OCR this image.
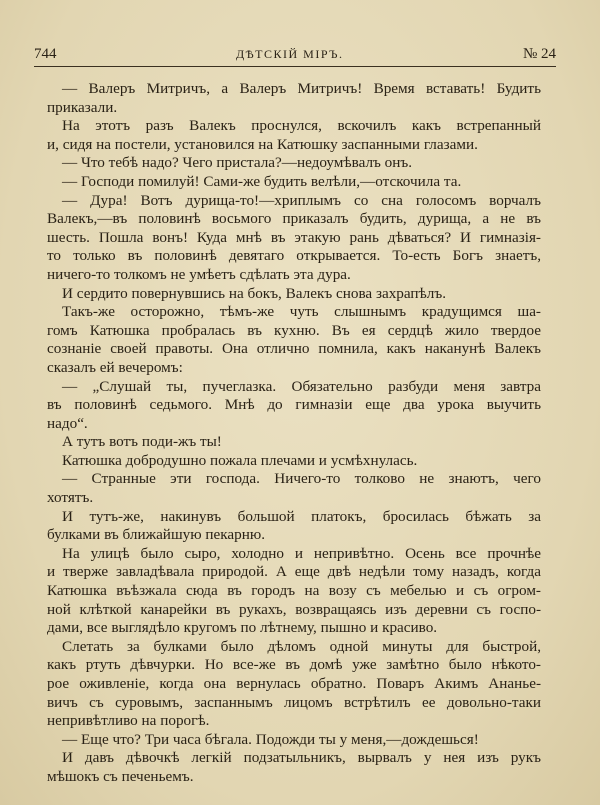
744	ДѢТСКІЙ МІРЪ.	№ 24

— Валеръ Митричъ, а Валеръ Митричъ! Время вставать! Будить

приказали.

На этотъ разъ Валекъ проснулся, вскочилъ какъ встрепанный

и, сидя на постели, установился на Катюшку заспанными глазами.

— Что тебѣ надо? Чего пристала?—недоумѣвалъ онъ.

— Господи помилуй! Сами-же будить велѣли,—отскочила та.

— Дура! Вотъ дурища-то!—хриплымъ со сна голосомъ ворчалъ

Валекъ,—въ половинѣ восьмого приказалъ будить, дурища, а не въ

шесть. Пошла вонъ! Куда мнѣ въ этакую рань дѣваться? И гимназія-

то только въ половинѣ девятаго открывается. То-есть Богъ знаетъ,

ничего-то толкомъ не умѣетъ сдѣлать эта дура.

И сердито повернувшись на бокъ, Валекъ снова захрапѣлъ.

Такъ-же осторожно, тѣмъ-же чуть слышнымъ крадущимся ша-

гомъ Катюшка пробралась въ кухню. Въ ея сердцѣ жило твердое

сознаніе своей правоты. Она отлично помнила, какъ наканунѣ Валекъ

сказалъ ей вечеромъ:

— „Слушай ты, пучеглазка. Обязательно разбуди меня завтра

въ половинѣ седьмого. Мнѣ до гимназіи еще два урока выучить

надо“.

А тутъ вотъ поди-жъ ты!

Катюшка добродушно пожала плечами и усмѣхнулась.

— Странные эти господа. Ничего-то толково не знаютъ, чего

хотятъ.

И тутъ-же, накинувъ большой платокъ, бросилась бѣжать за

булками въ ближайшую пекарню.

На улицѣ было сыро, холодно и непривѣтно. Осень все прочнѣе

и тверже завладѣвала природой. А еще двѣ недѣли тому назадъ, когда

Катюшка въѣзжала сюда въ городъ на возу съ мебелью и съ огром-

ной клѣткой канарейки въ рукахъ, возвращаясь изъ деревни съ госпо-

дами, все выглядѣло кругомъ по лѣтнему, пышно и красиво.

Слетать за булками было дѣломъ одной минуты для быстрой,

какъ ртуть дѣвчурки. Но все-же въ домѣ уже замѣтно было нѣкото-

рое оживленіе, когда она вернулась обратно. Поваръ Акимъ Ананье-

вичъ съ суровымъ, заспаннымъ лицомъ встрѣтилъ ее довольно-таки

непривѣтливо на порогѣ.

— Еще что? Три часа бѣгала. Подожди ты у меня,—дождешься!

И давъ дѣвочкѣ легкій подзатыльникъ, вырвалъ у нея изъ рукъ

мѣшокъ съ печеньемъ.
